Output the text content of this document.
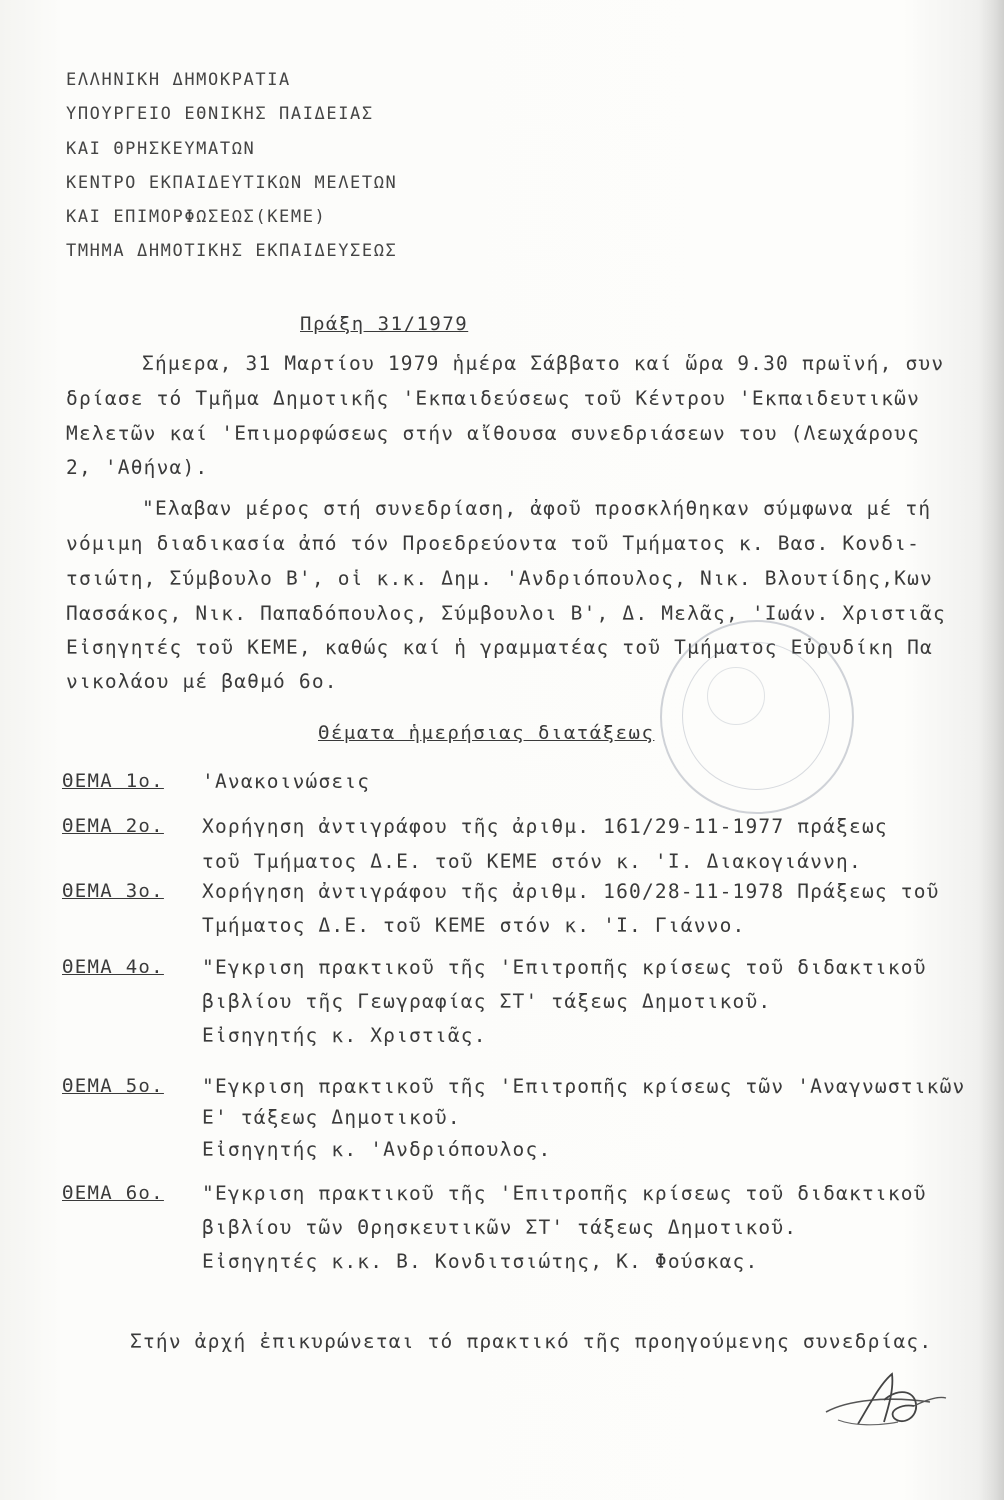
ΕΛΛΗΝΙΚΗ ΔΗΜΟΚΡΑΤΙΑ
ΥΠΟΥΡΓΕΙΟ ΕΘΝΙΚΗΣ ΠΑΙΔΕΙΑΣ
ΚΑΙ ΘΡΗΣΚΕΥΜΑΤΩΝ
ΚΕΝΤΡΟ ΕΚΠΑΙΔΕΥΤΙΚΩΝ ΜΕΛΕΤΩΝ
ΚΑΙ ΕΠΙΜΟΡΦΩΣΕΩΣ(ΚΕΜΕ)
ΤΜΗΜΑ ΔΗΜΟΤΙΚΗΣ ΕΚΠΑΙΔΕΥΣΕΩΣ
Πράξη 31/1979
Σήμερα, 31 Μαρτίου 1979 ἡμέρα Σάββατο καί ὥρα 9.30 πρωϊνή, συν
δρίασε τό Τμῆμα Δημοτικῆς 'Εκπαιδεύσεως τοῦ Κέντρου 'Εκπαιδευτικῶν
Μελετῶν καί 'Επιμορφώσεως στήν αἴθουσα συνεδριάσεων του (Λεωχάρους
2, 'Αθήνα).
"Ελαβαν μέρος στή συνεδρίαση, ἀφοῦ προσκλήθηκαν σύμφωνα μέ τή
νόμιμη διαδικασία ἀπό τόν Προεδρεύοντα τοῦ Τμήματος κ. Βασ. Κονδι-
τσιώτη, Σύμβουλο Β', οἱ κ.κ. Δημ. 'Ανδριόπουλος, Νικ. Βλουτίδης,Κων
Πασσάκος, Νικ. Παπαδόπουλος, Σύμβουλοι Β', Δ. Μελᾶς, 'Ιωάν. Χριστιᾶς
Εἰσηγητές τοῦ ΚΕΜΕ, καθώς καί ἡ γραμματέας τοῦ Τμήματος Εὐρυδίκη Πα
νικολάου μέ βαθμό 6ο.
Θέματα ἡμερήσιας διατάξεως
ΘΕΜΑ 1ο. 'Ανακοινώσεις
ΘΕΜΑ 2ο. Χορήγηση ἀντιγράφου τῆς ἀριθμ. 161/29-11-1977 πράξεως
τοῦ Τμήματος Δ.Ε. τοῦ ΚΕΜΕ στόν κ. 'Ι. Διακογιάννη.
ΘΕΜΑ 3ο. Χορήγηση ἀντιγράφου τῆς ἀριθμ. 160/28-11-1978 Πράξεως τοῦ
Τμήματος Δ.Ε. τοῦ ΚΕΜΕ στόν κ. 'Ι. Γιάννο.
ΘΕΜΑ 4ο. "Εγκριση πρακτικοῦ τῆς 'Επιτροπῆς κρίσεως τοῦ διδακτικοῦ
βιβλίου τῆς Γεωγραφίας ΣΤ' τάξεως Δημοτικοῦ.
Εἰσηγητής κ. Χριστιᾶς.
ΘΕΜΑ 5ο. "Εγκριση πρακτικοῦ τῆς 'Επιτροπῆς κρίσεως τῶν 'Αναγνωστικῶν
Ε' τάξεως Δημοτικοῦ.
Εἰσηγητής κ. 'Ανδριόπουλος.
ΘΕΜΑ 6ο. "Εγκριση πρακτικοῦ τῆς 'Επιτροπῆς κρίσεως τοῦ διδακτικοῦ
βιβλίου τῶν Θρησκευτικῶν ΣΤ' τάξεως Δημοτικοῦ.
Εἰσηγητές κ.κ. Β. Κονδιτσιώτης, Κ. Φούσκας.
Στήν ἀρχή ἐπικυρώνεται τό πρακτικό τῆς προηγούμενης συνεδρίας.
